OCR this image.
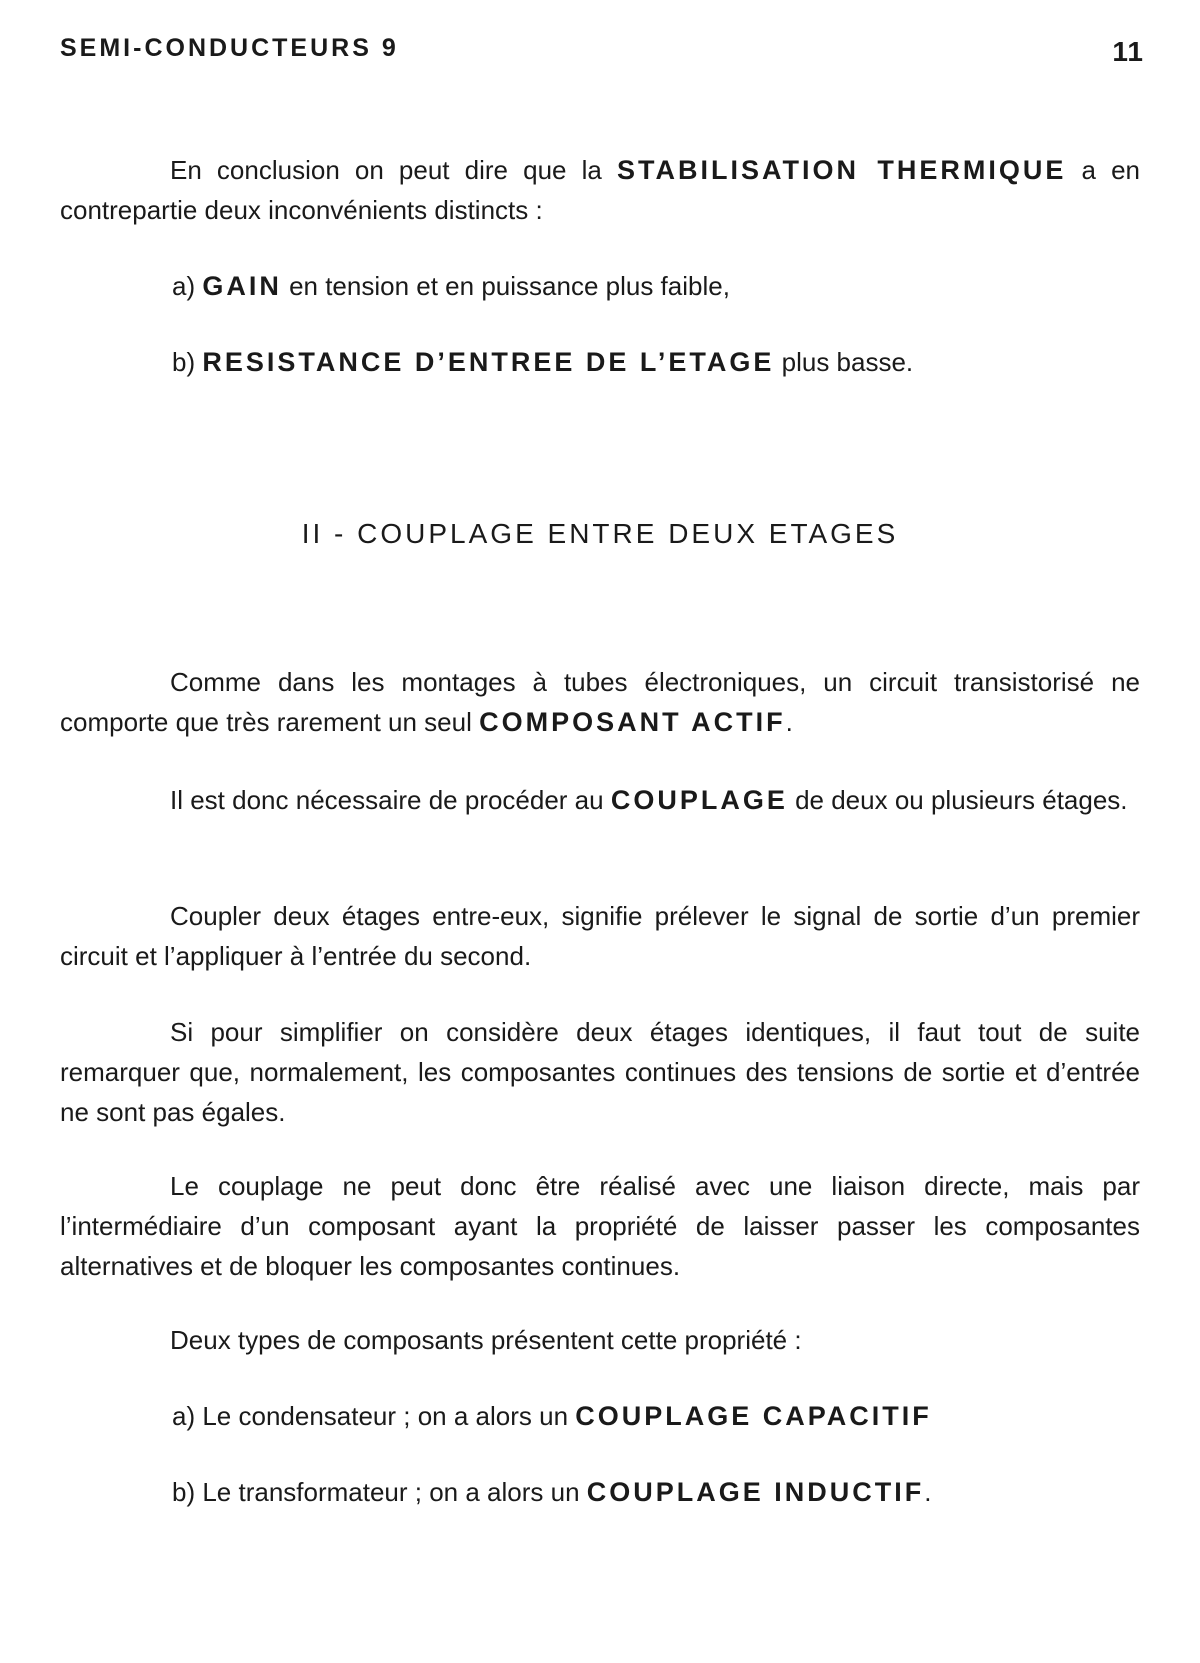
SEMI-CONDUCTEURS 9	11

En conclusion on peut dire que la STABILISATION THERMIQUE a en contrepartie deux inconvénients distincts :

a) GAIN en tension et en puissance plus faible,

b) RESISTANCE D’ENTREE DE L’ETAGE plus basse.

II - COUPLAGE ENTRE DEUX ETAGES

Comme dans les montages à tubes électroniques, un circuit transistorisé ne comporte que très rarement un seul COMPOSANT ACTIF.

Il est donc nécessaire de procéder au COUPLAGE de deux ou plusieurs étages.

Coupler deux étages entre-eux, signifie prélever le signal de sortie d’un premier circuit et l’appliquer à l’entrée du second.

Si pour simplifier on considère deux étages identiques, il faut tout de suite remarquer que, normalement, les composantes continues des tensions de sortie et d’entrée ne sont pas égales.

Le couplage ne peut donc être réalisé avec une liaison directe, mais par l’intermédiaire d’un composant ayant la propriété de laisser passer les composantes alternatives et de bloquer les composantes continues.

Deux types de composants présentent cette propriété :

a) Le condensateur ; on a alors un COUPLAGE CAPACITIF

b) Le transformateur ; on a alors un COUPLAGE INDUCTIF.
